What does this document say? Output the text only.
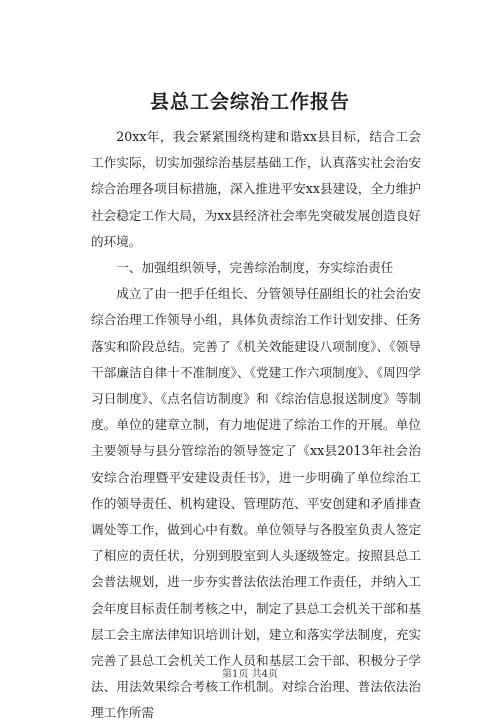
县总工会综治工作报告

20xx年，我会紧紧围绕构建和谐xx县目标，结合工会工作实际，切实加强综治基层基础工作，认真落实社会治安综合治理各项目标措施，深入推进平安xx县建设，全力维护社会稳定工作大局，为xx县经济社会率先突破发展创造良好的环境。

一、加强组织领导，完善综治制度，夯实综治责任

成立了由一把手任组长、分管领导任副组长的社会治安综合治理工作领导小组，具体负责综治工作计划安排、任务落实和阶段总结。完善了《机关效能建设八项制度》、《领导干部廉洁自律十不准制度》、《党建工作六项制度》、《周四学习日制度》、《点名信访制度》和《综治信息报送制度》等制度。单位的建章立制，有力地促进了综治工作的开展。单位主要领导与县分管综治的领导签定了《xx县2013年社会治安综合治理暨平安建设责任书》，进一步明确了单位综治工作的领导责任、机构建设、管理防范、平安创建和矛盾排查调处等工作，做到心中有数。单位领导与各股室负责人签定了相应的责任状，分别到股室到人头逐级签定。按照县总工会普法规划，进一步夯实普法依法治理工作责任，并纳入工会年度目标责任制考核之中，制定了县总工会机关干部和基层工会主席法律知识培训计划，建立和落实学法制度，充实完善了县总工会机关工作人员和基层工会干部、积极分子学法、用法效果综合考核工作机制。对综合治理、普法依法治理工作所需

第1页 共4页
